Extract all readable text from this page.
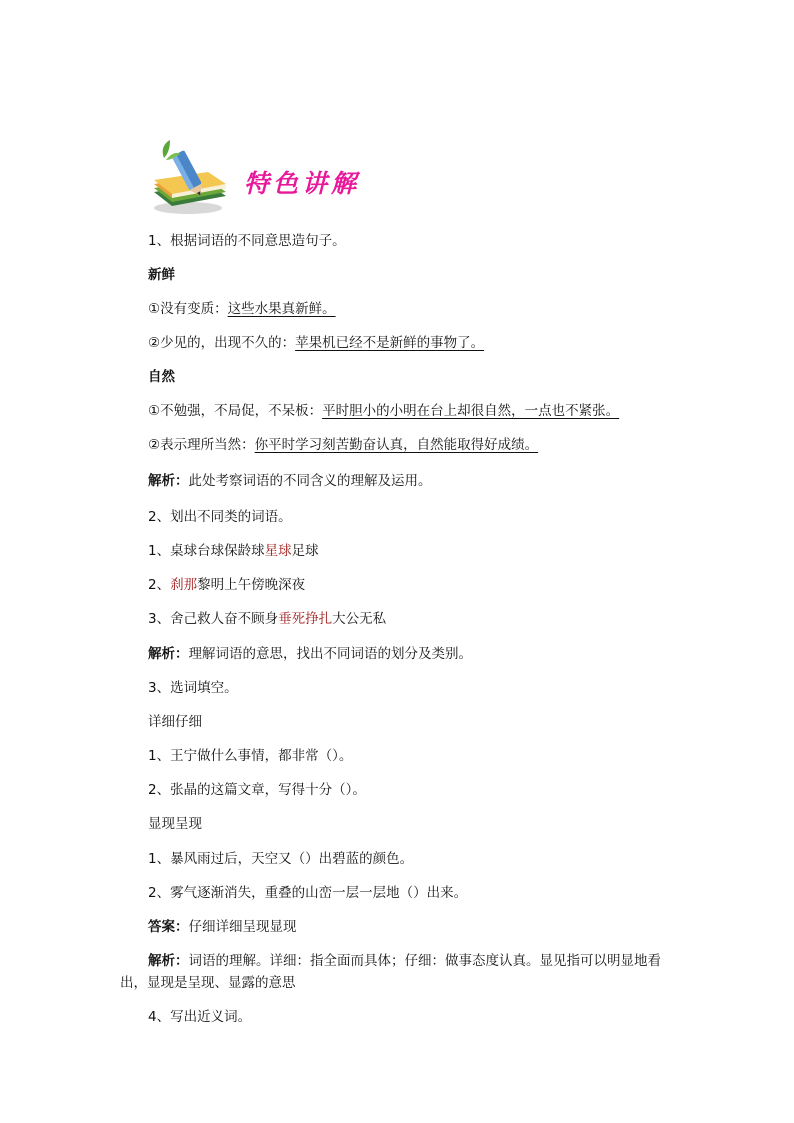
特色讲解
1、根据词语的不同意思造句子。
新鲜
①没有变质：这些水果真新鲜。
②少见的，出现不久的：苹果机已经不是新鲜的事物了。
自然
①不勉强，不局促，不呆板：平时胆小的小明在台上却很自然，一点也不紧张。
②表示理所当然：你平时学习刻苦勤奋认真，自然能取得好成绩。
解析：此处考察词语的不同含义的理解及运用。
2、划出不同类的词语。
1、桌球台球保龄球星球足球
2、刹那黎明上午傍晚深夜
3、舍己救人奋不顾身垂死挣扎大公无私
解析：理解词语的意思，找出不同词语的划分及类别。
3、选词填空。
详细仔细
1、王宁做什么事情，都非常（）。
2、张晶的这篇文章，写得十分（）。
显现呈现
1、暴风雨过后，天空又（）出碧蓝的颜色。
2、雾气逐渐消失，重叠的山峦一层一层地（）出来。
答案：仔细详细呈现显现
解析：词语的理解。详细：指全面而具体；仔细：做事态度认真。显见指可以明显地看出，显现是呈现、显露的意思
4、写出近义词。
